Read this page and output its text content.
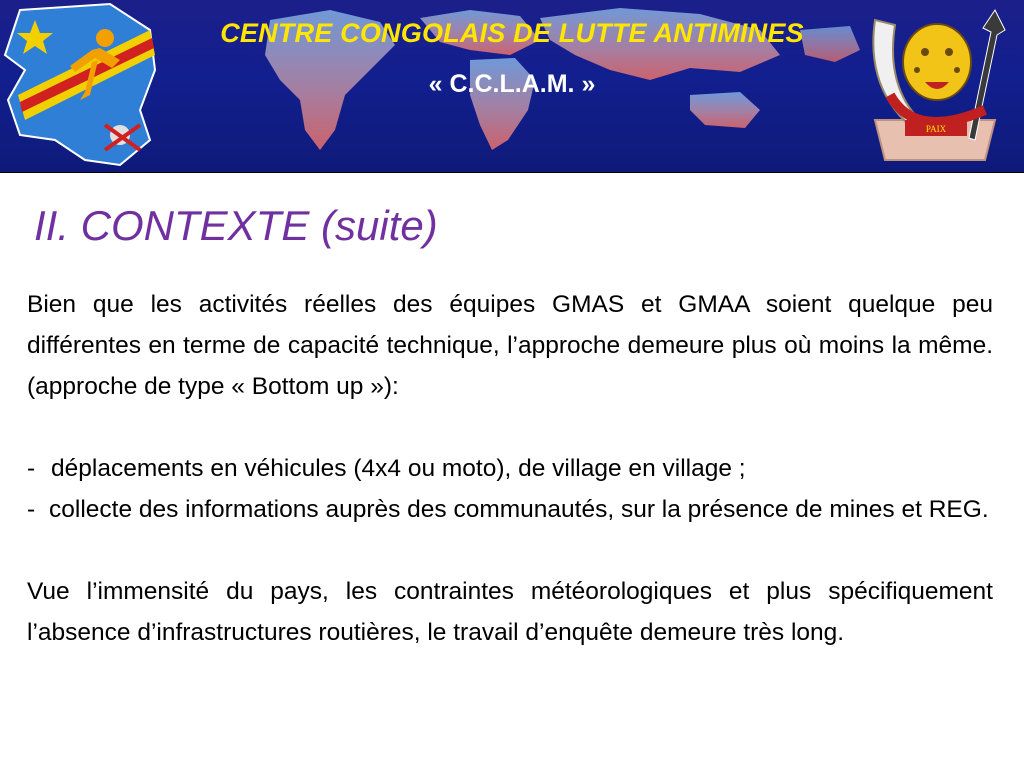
CENTRE CONGOLAIS DE LUTTE ANTIMINES
« C.C.L.A.M. »
PAIX
II. CONTEXTE (suite)

Bien que les activités réelles des équipes GMAS et GMAA soient quelque peu différentes en terme de capacité technique, l’approche demeure plus où moins la même. (approche de type « Bottom up »):

- déplacements en véhicules (4x4 ou moto), de village en village ;
- collecte des informations auprès des communautés, sur la présence de mines et REG.

Vue l’immensité du pays, les contraintes météorologiques et plus spécifiquement l’absence d’infrastructures routières, le travail d’enquête demeure très long.
